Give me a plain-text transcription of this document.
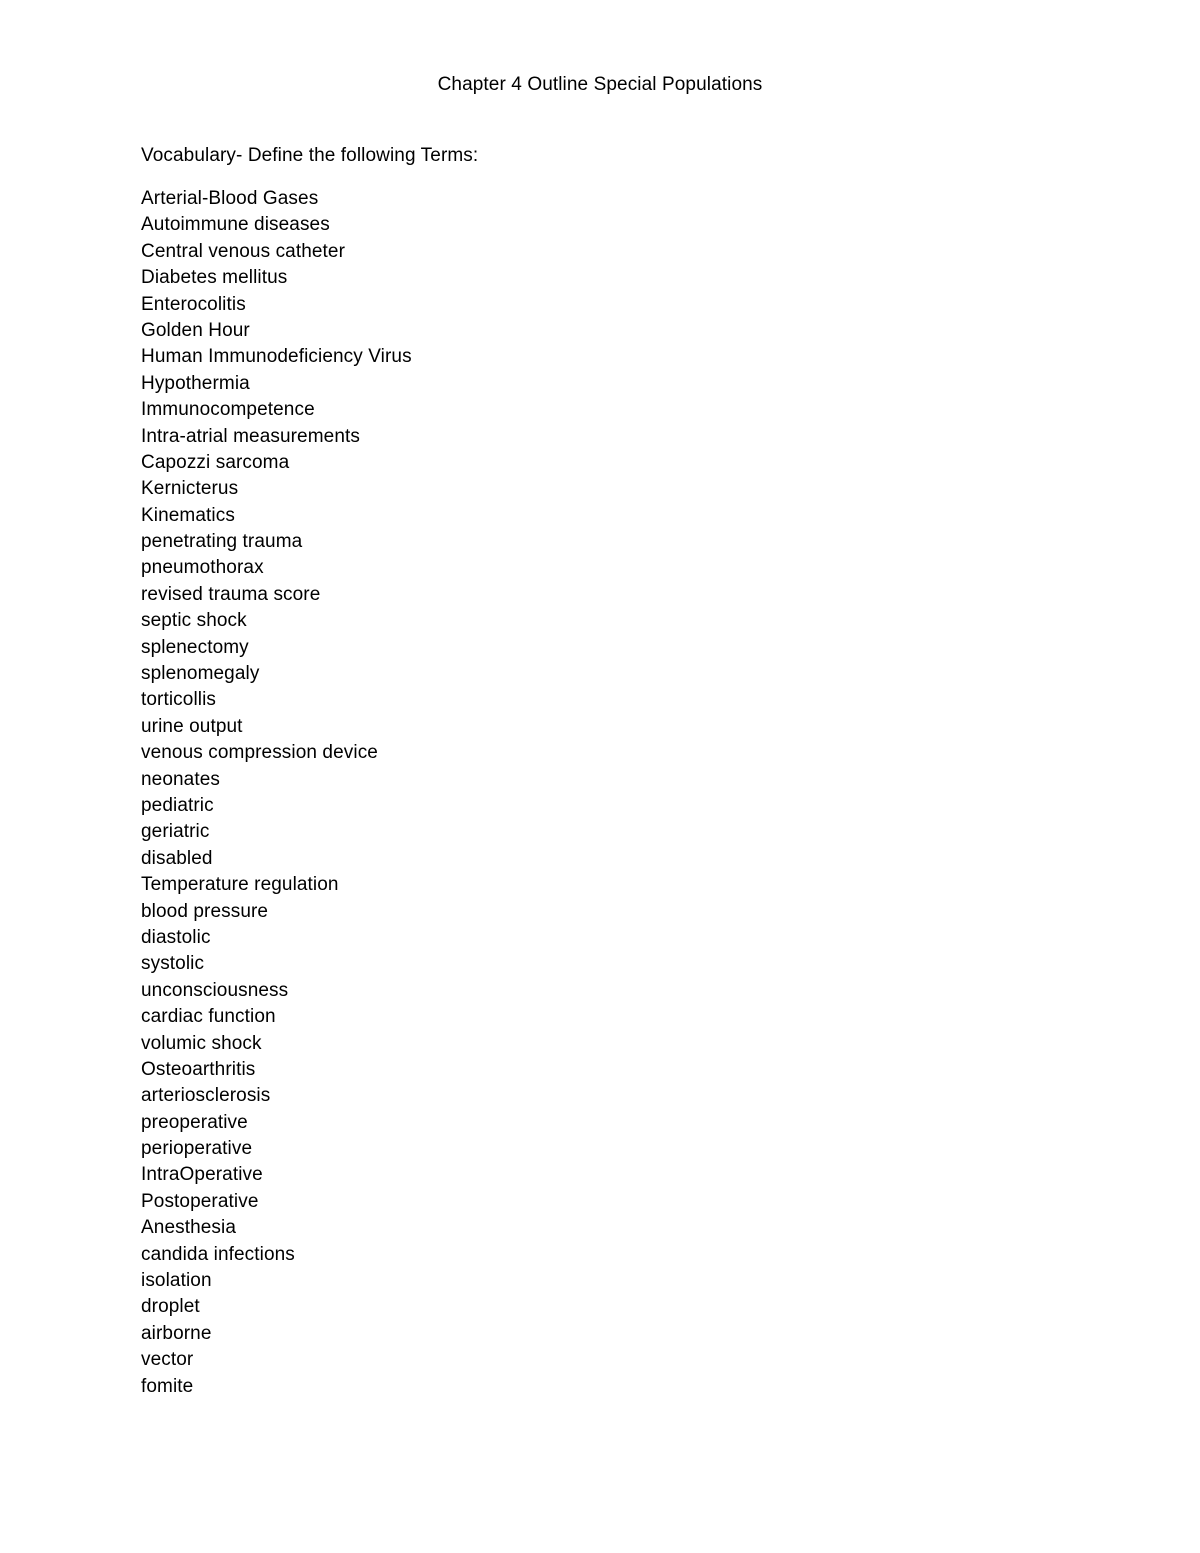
Chapter 4 Outline Special Populations
Vocabulary- Define the following Terms:
Arterial-Blood Gases
Autoimmune diseases
Central venous catheter
Diabetes mellitus
Enterocolitis
Golden Hour
Human Immunodeficiency Virus
Hypothermia
Immunocompetence
Intra-atrial measurements
Capozzi sarcoma
Kernicterus
Kinematics
penetrating trauma
pneumothorax
revised trauma score
septic shock
splenectomy
splenomegaly
torticollis
urine output
venous compression device
neonates
pediatric
geriatric
disabled
Temperature regulation
blood pressure
diastolic
systolic
unconsciousness
cardiac function
volumic shock
Osteoarthritis
arteriosclerosis
preoperative
perioperative
IntraOperative
Postoperative
Anesthesia
candida infections
isolation
droplet
airborne
vector
fomite
